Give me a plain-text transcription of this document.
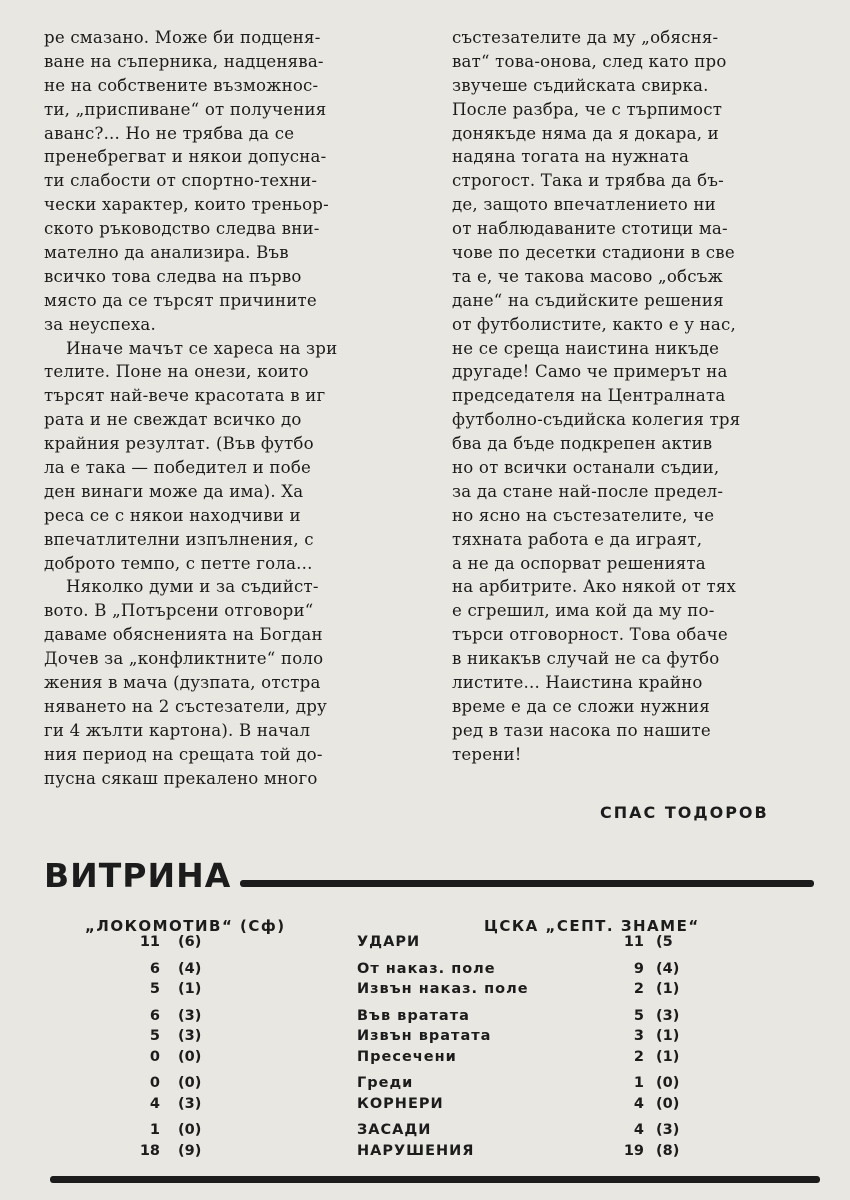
ре смазано. Може би подценя-
ване на съперника, надценява-
не на собствените възможнос-
ти, „приспиване“ от получения
аванс?... Но не трябва да се
пренебрегват и някои допусна-
ти слабости от спортно-техни-
чески характер, които треньор-
ското ръководство следва вни-
мателно да анализира. Във
всичко това следва на първо
място да се търсят причините
за неуспеха.
Иначе мачът се хареса на зри
телите. Поне на онези, които
търсят най-вече красотата в иг
рата и не свеждат всичко до
крайния резултат. (Във футбо
ла е така — победител и побе
ден винаги може да има). Ха
реса се с някои находчиви и
впечатлителни изпълнения, с
доброто темпо, с петте гола...
Няколко думи и за съдийст-
вото. В „Потърсени отговори“
даваме обясненията на Богдан
Дочев за „конфликтните“ поло
жения в мача (дузпата, отстра
няването на 2 състезатели, дру
ги 4 жълти картона). В начал
ния период на срещата той до-
пусна сякаш прекалено много
състезателите да му „обясня-
ват“ това-онова, след като про
звучеше съдийската свирка.
После разбра, че с търпимост
донякъде няма да я докара, и
надяна тогата на нужната
строгост. Така и трябва да бъ-
де, защото впечатлението ни
от наблюдаваните стотици ма-
чове по десетки стадиони в све
та е, че такова масово „обсъж
дане“ на съдийските решения
от футболистите, както е у нас,
не се среща наистина никъде
другаде! Само че примерът на
председателя на Централната
футболно-съдийска колегия тря
бва да бъде подкрепен актив
но от всички останали съдии,
за да стане най-после предел-
но ясно на състезателите, че
тяхната работа е да играят,
а не да оспорват решенията
на арбитрите. Ако някой от тях
е сгрешил, има кой да му по-
търси отговорност. Това обаче
в никакъв случай не са футбо
листите... Наистина крайно
време е да се сложи нужния
ред в тази насока по нашите
терени!
СПАС ТОДОРОВ
ВИТРИНА
„ЛОКОМОТИВ“ (Сф)	ЦСКА „СЕПТ. ЗНАМЕ“
11 (6)	УДАРИ	11 (5
6 (4)	От наказ. поле	9 (4)
5 (1)	Извън наказ. поле	2 (1)
6 (3)	Във вратата	5 (3)
5 (3)	Извън вратата	3 (1)
0 (0)	Пресечени	2 (1)
0 (0)	Греди	1 (0)
4 (3)	КОРНЕРИ	4 (0)
1 (0)	ЗАСАДИ	4 (3)
18 (9)	НАРУШЕНИЯ	19 (8)
